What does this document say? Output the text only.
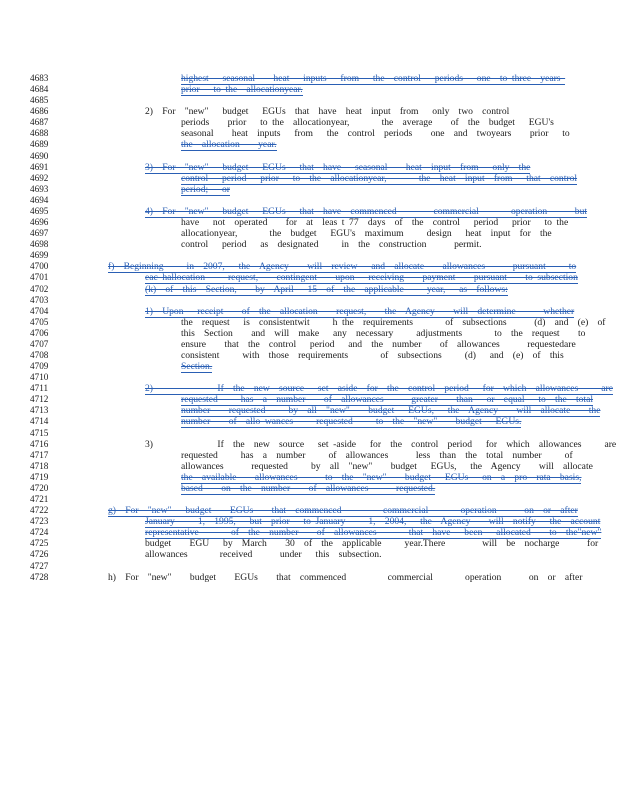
4683	highest   seasonal    heat   inputs   from   the  control   periods   one  to three  years
4684	prior   to the  allocationyear.
4685
4686	2)  For  "new"   budget   EGUs  that  have  heat  input  from   only  two  control
4687	periods    prior   to the  allocationyear,       the  average    of  the  budget   EGU's
4688	seasonal    heat  inputs   from   the  control  periods    one  and  twoyears    prior   to
4689	the  allocation    year.
4690
4691	3)  For  "new"   budget   EGUs   that  have   seasonal    heat  input  from   only  the
4692	control   period   prior   to  the  allocationyear,       the  heat  input  from   that  control
4693	period;   or
4694
4695	4)  For  "new"   budget   EGUs   that  have  commenced        commercial       operation      but
4696	have   not  operated    for  at  leas t 77  days  of  the  control   period   prior   to the
4697	allocationyear,       the  budget   EGU's  maximum     design   heat  input  for  the
4698	control   period   as  designated     in  the  construction      permit.
4699
4700	f)  Beginning     in  2007,   the  Agency    will  review   and  allocate    allowances      pursuant     to
4701	eac hallocation     request,    contingent    upon   receiving    payment    pursuant    to subsection
4702	(k)  of  this  Section,    by  April   15  of  the  applicable     year,   as  follows:
4703
4704	1)  Upon   receipt    of  the  allocation    request,    the  Agency    will  determine      whether
4705	the  request   is  consistentwit     h the  requirements       of  subsections      (d)  and  (e)  of
4706	this  Section    and  will  make   any  necessary     adjustments       to  the  request    to
4707	ensure    that  the  control   period   and  the  number    of  allowances      requestedare
4708	consistent     with  those  requirements       of  subsections     (d)   and  (e)  of  this
4709	Section.
4710
4711	2)              If  the  new  source   set  aside  for  the  control  period   for  which  allowances     are
4712	requested     has  a  number    of  allowances      greater    than   or  equal   to  the  total
4713	number    requested     by  all  "new"    budget   EGUs,   the  Agency    will  allocate    the
4714	number    of  allo wances     requested     to  the  "new"    budget   EGUs.
4715
4716	3)              If  the  new  source   set -aside   for  the  control  period   for  which  allowances     are
4717	requested     has  a  number     of  allowances      less  than  the  total  number     of
4718	allowances      requested     by  all  "new"    budget   EGUs,   the  Agency    will  allocate
4719	the  available    allowances      to  the  "new"    budget   EGUs   on  a  pro  rata  basis,
4720	based    on  the  number    of  allowances      requested.
4721
4722	g)  For  "new"   budget    EGUs    that  commenced         commercial       operation      on  or  after
4723	January     1,  1995,   but  prior   to January     1,  2004,   the  Agency    will  notify   the  account
4724	representative       of  the  number    of  allowances       that  have   been   allocated    to  the"new"
4725	budget    EGU   by  March    30  of  the  applicable     year.There        will  be  nocharge      for
4726	allowances       received      under   this  subsection.
4727
4728	h)  For  "new"    budget    EGUs    that  commenced         commercial       operation      on  or  after
